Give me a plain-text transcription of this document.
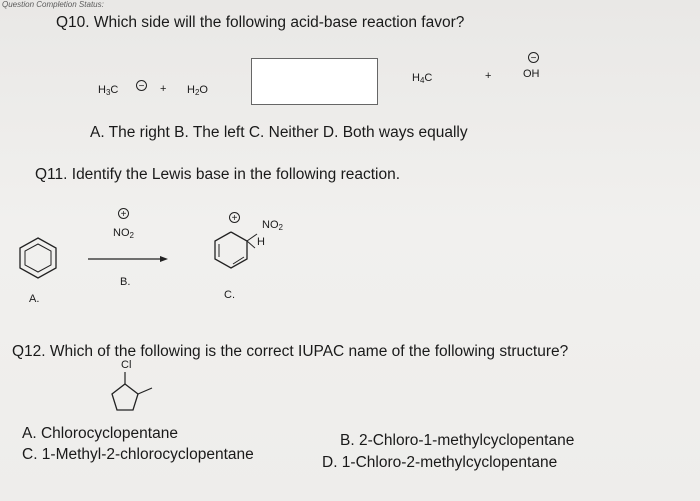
Question Completion Status:
Q10. Which side will the following acid-base reaction favor?
$H_3C$ − + $H_2O$
$H_4C$	+
−
OH
A. The right B. The left C. Neither D. Both ways equally
Q11. Identify the Lewis base in the following reaction.
A.
+
$NO_2$
B.
+
$NO_2$
H
C.
Q12. Which of the following is the correct IUPAC name of the following structure?
Cl
A. Chlorocyclopentane	B. 2-Chloro-1-methylcyclopentane
C. 1-Methyl-2-chlorocyclopentane	D. 1-Chloro-2-methylcyclopentane
